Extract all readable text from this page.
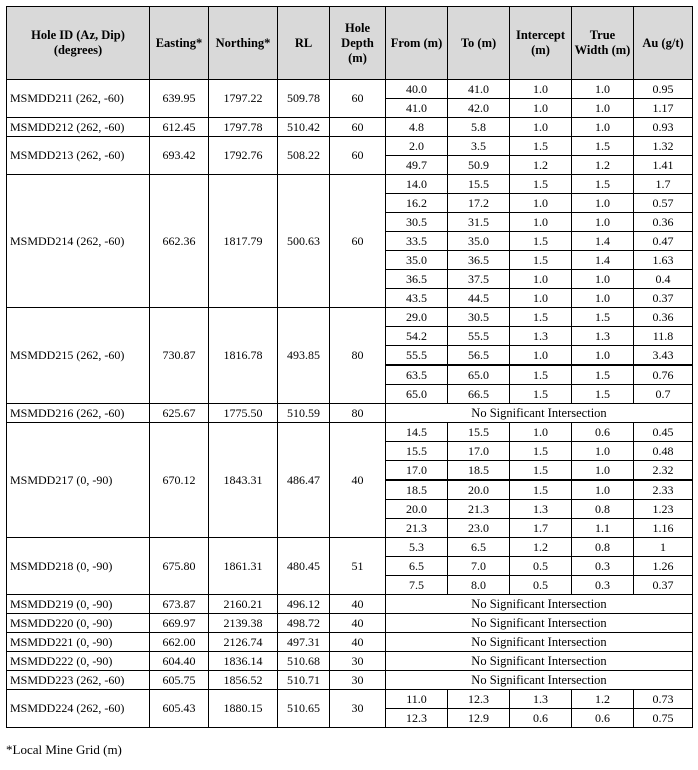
Hole ID (Az, Dip) (degrees)	Easting*	Northing*	RL	Hole Depth (m)	From (m)	To (m)	Intercept (m)	True Width (m)	Au (g/t)
MSMDD211 (262, -60)	639.95	1797.22	509.78	60	40.0	41.0	1.0	1.0	0.95
					41.0	42.0	1.0	1.0	1.17
MSMDD212 (262, -60)	612.45	1797.78	510.42	60	4.8	5.8	1.0	1.0	0.93
MSMDD213 (262, -60)	693.42	1792.76	508.22	60	2.0	3.5	1.5	1.5	1.32
					49.7	50.9	1.2	1.2	1.41
MSMDD214 (262, -60)	662.36	1817.79	500.63	60	14.0	15.5	1.5	1.5	1.7
					16.2	17.2	1.0	1.0	0.57
					30.5	31.5	1.0	1.0	0.36
					33.5	35.0	1.5	1.4	0.47
					35.0	36.5	1.5	1.4	1.63
					36.5	37.5	1.0	1.0	0.4
					43.5	44.5	1.0	1.0	0.37
MSMDD215 (262, -60)	730.87	1816.78	493.85	80	29.0	30.5	1.5	1.5	0.36
					54.2	55.5	1.3	1.3	11.8
					55.5	56.5	1.0	1.0	3.43
					63.5	65.0	1.5	1.5	0.76
					65.0	66.5	1.5	1.5	0.7
MSMDD216 (262, -60)	625.67	1775.50	510.59	80	No Significant Intersection				
MSMDD217 (0, -90)	670.12	1843.31	486.47	40	14.5	15.5	1.0	0.6	0.45
					15.5	17.0	1.5	1.0	0.48
					17.0	18.5	1.5	1.0	2.32
					18.5	20.0	1.5	1.0	2.33
					20.0	21.3	1.3	0.8	1.23
					21.3	23.0	1.7	1.1	1.16
MSMDD218 (0, -90)	675.80	1861.31	480.45	51	5.3	6.5	1.2	0.8	1
					6.5	7.0	0.5	0.3	1.26
					7.5	8.0	0.5	0.3	0.37
MSMDD219 (0, -90)	673.87	2160.21	496.12	40	No Significant Intersection				
MSMDD220 (0, -90)	669.97	2139.38	498.72	40	No Significant Intersection				
MSMDD221 (0, -90)	662.00	2126.74	497.31	40	No Significant Intersection				
MSMDD222 (0, -90)	604.40	1836.14	510.68	30	No Significant Intersection				
MSMDD223 (262, -60)	605.75	1856.52	510.71	30	No Significant Intersection				
MSMDD224 (262, -60)	605.43	1880.15	510.65	30	11.0	12.3	1.3	1.2	0.73
					12.3	12.9	0.6	0.6	0.75
*Local Mine Grid (m)
